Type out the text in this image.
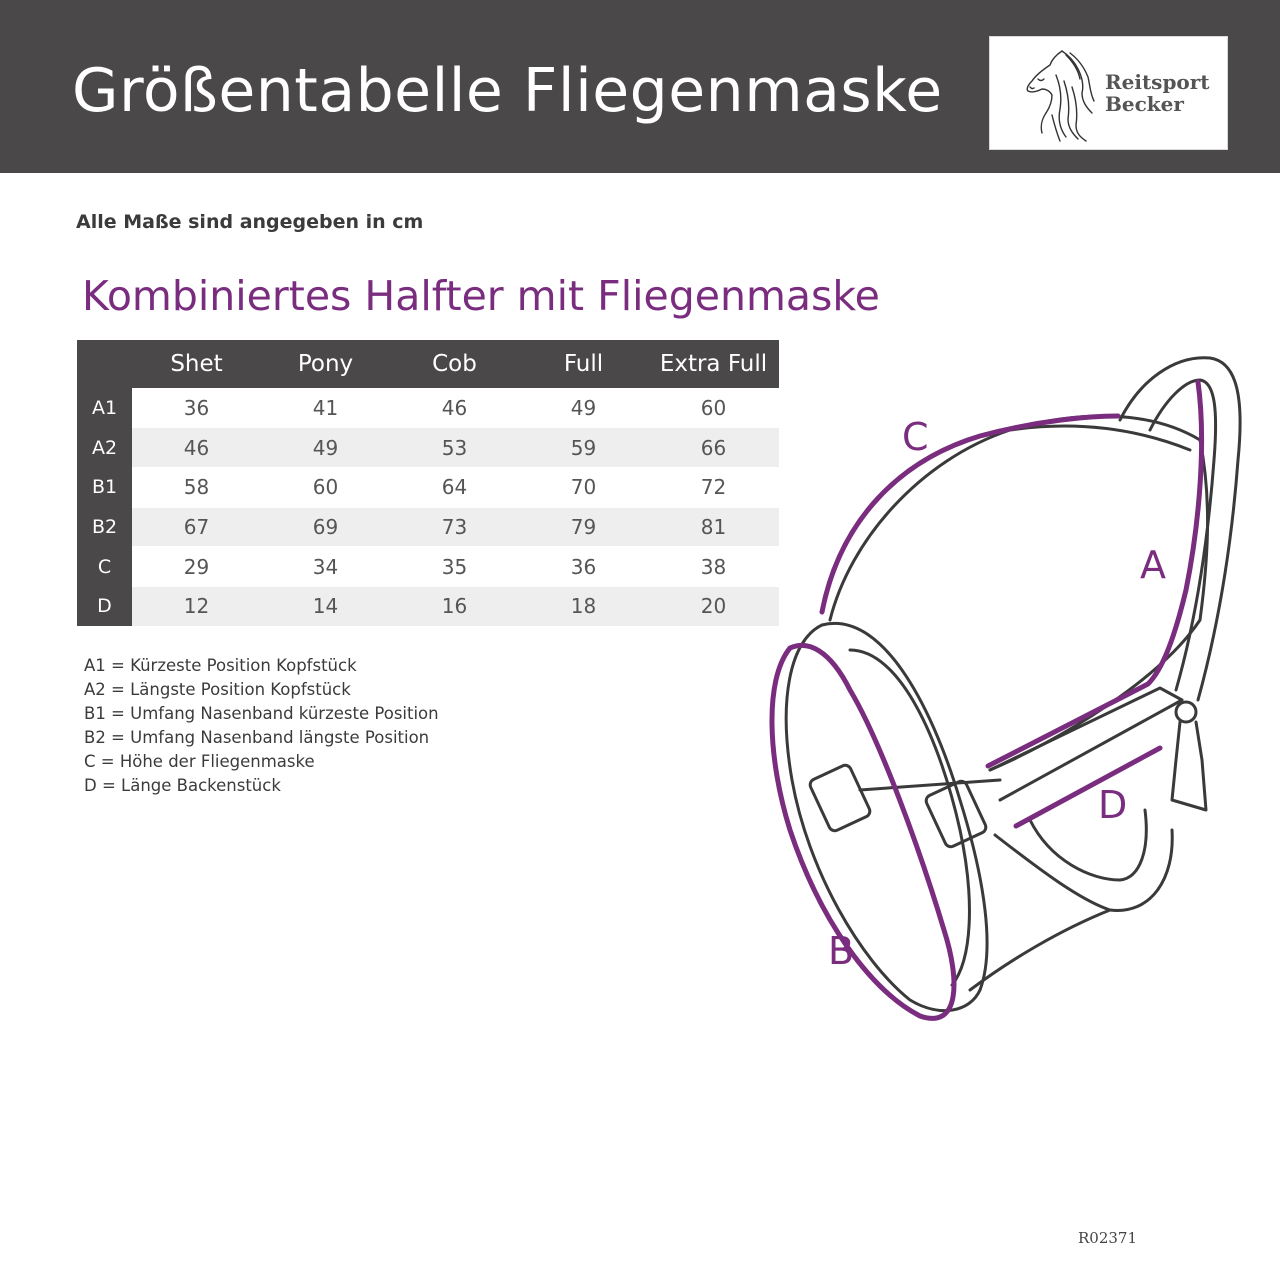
Größentabelle Fliegenmaske	Reitsport
Becker
Alle Maße sind angegeben in cm
Kombiniertes Halfter mit Fliegenmaske
	Shet	Pony	Cob	Full	Extra Full
A1	36	41	46	49	60
A2	46	49	53	59	66
B1	58	60	64	70	72
B2	67	69	73	79	81
C	29	34	35	36	38
D	12	14	16	18	20
A1 = Kürzeste Position Kopfstück
A2 = Längste Position Kopfstück
B1 = Umfang Nasenband kürzeste Position
B2 = Umfang Nasenband längste Position
C = Höhe der Fliegenmaske
D = Länge Backenstück
C
A
D
B
R02371
